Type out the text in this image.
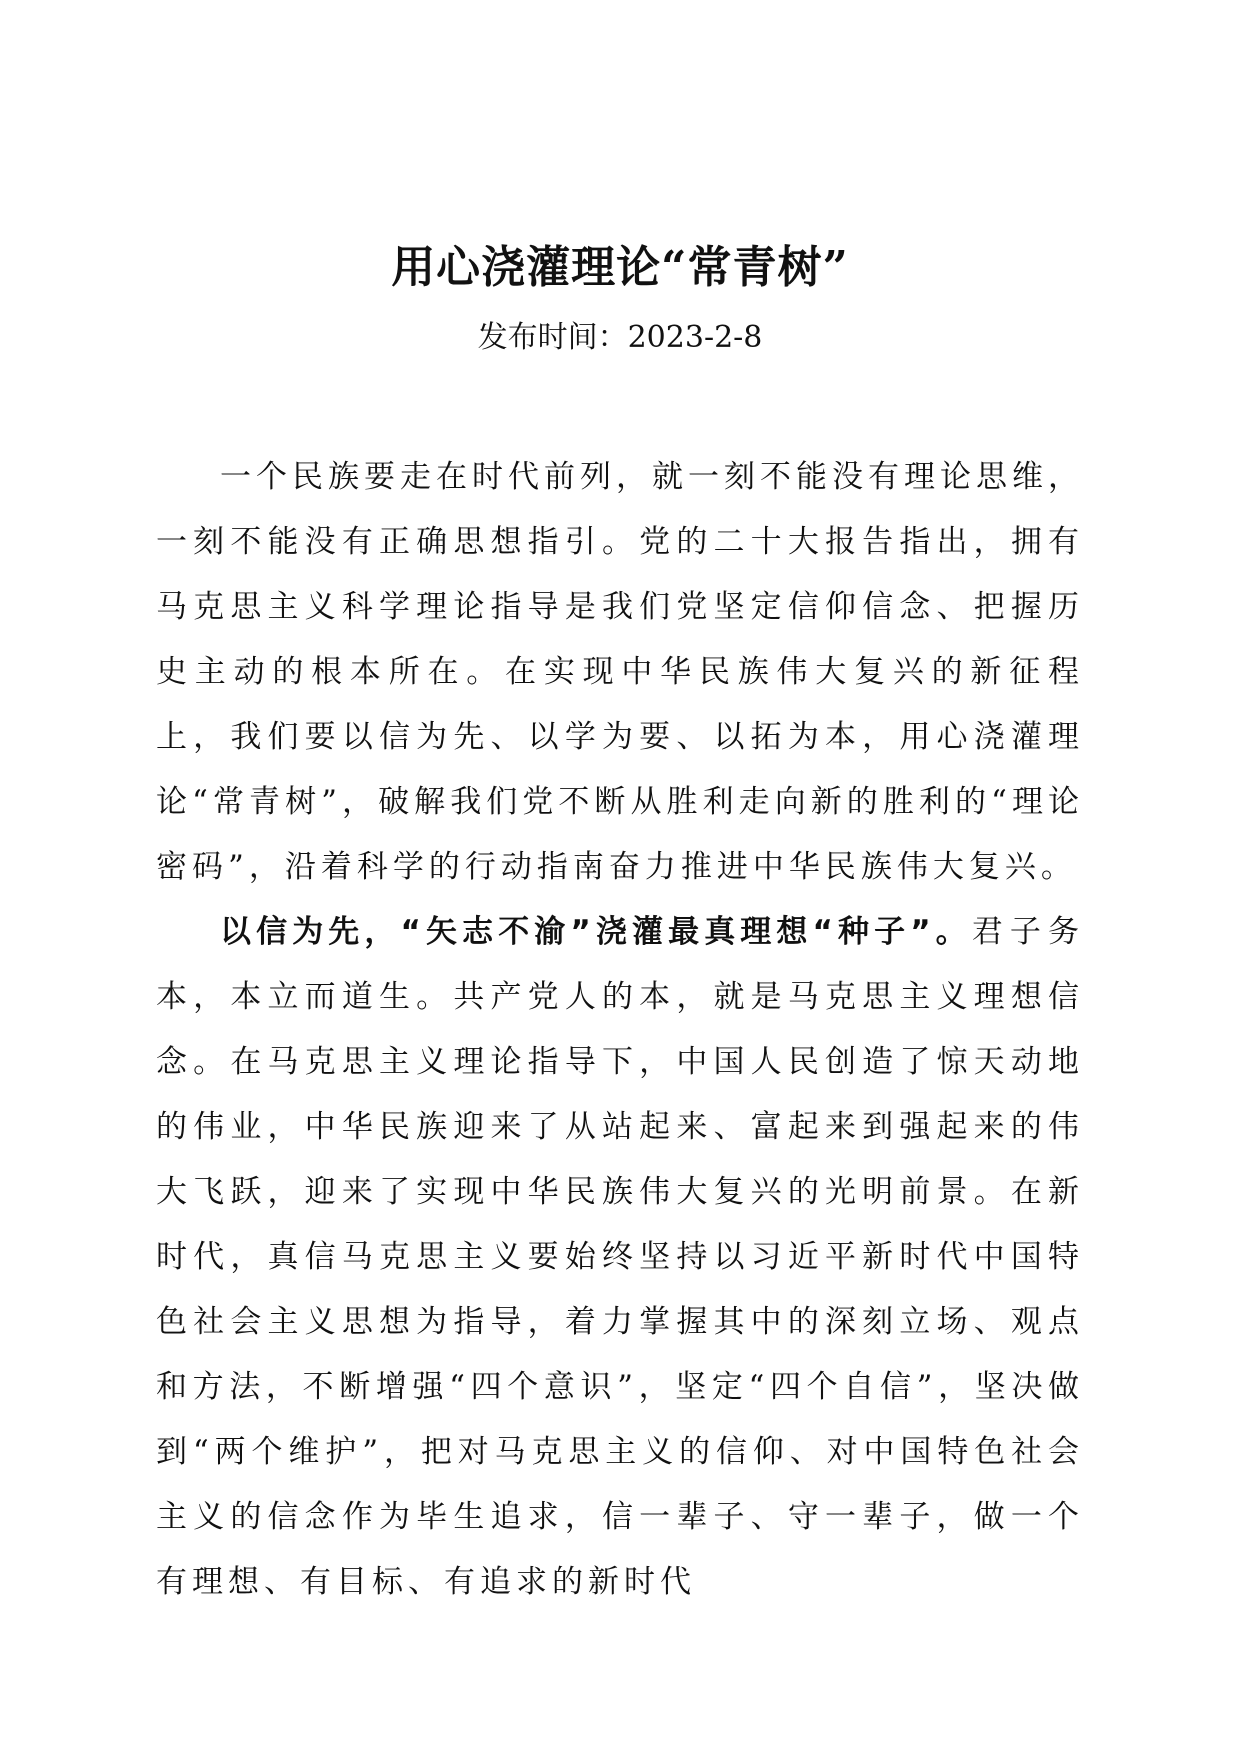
用心浇灌理论“常青树”
发布时间：2023-2-8

一个民族要走在时代前列，就一刻不能没有理论思维，一刻不能没有正确思想指引。党的二十大报告指出，拥有马克思主义科学理论指导是我们党坚定信仰信念、把握历史主动的根本所在。在实现中华民族伟大复兴的新征程上，我们要以信为先、以学为要、以拓为本，用心浇灌理论“常青树”，破解我们党不断从胜利走向新的胜利的“理论密码”，沿着科学的行动指南奋力推进中华民族伟大复兴。

以信为先，“矢志不渝”浇灌最真理想“种子”。君子务本，本立而道生。共产党人的本，就是马克思主义理想信念。在马克思主义理论指导下，中国人民创造了惊天动地的伟业，中华民族迎来了从站起来、富起来到强起来的伟大飞跃，迎来了实现中华民族伟大复兴的光明前景。在新时代，真信马克思主义要始终坚持以习近平新时代中国特色社会主义思想为指导，着力掌握其中的深刻立场、观点和方法，不断增强“四个意识”，坚定“四个自信”，坚决做到“两个维护”，把对马克思主义的信仰、对中国特色社会主义的信念作为毕生追求，信一辈子、守一辈子，做一个有理想、有目标、有追求的新时代
